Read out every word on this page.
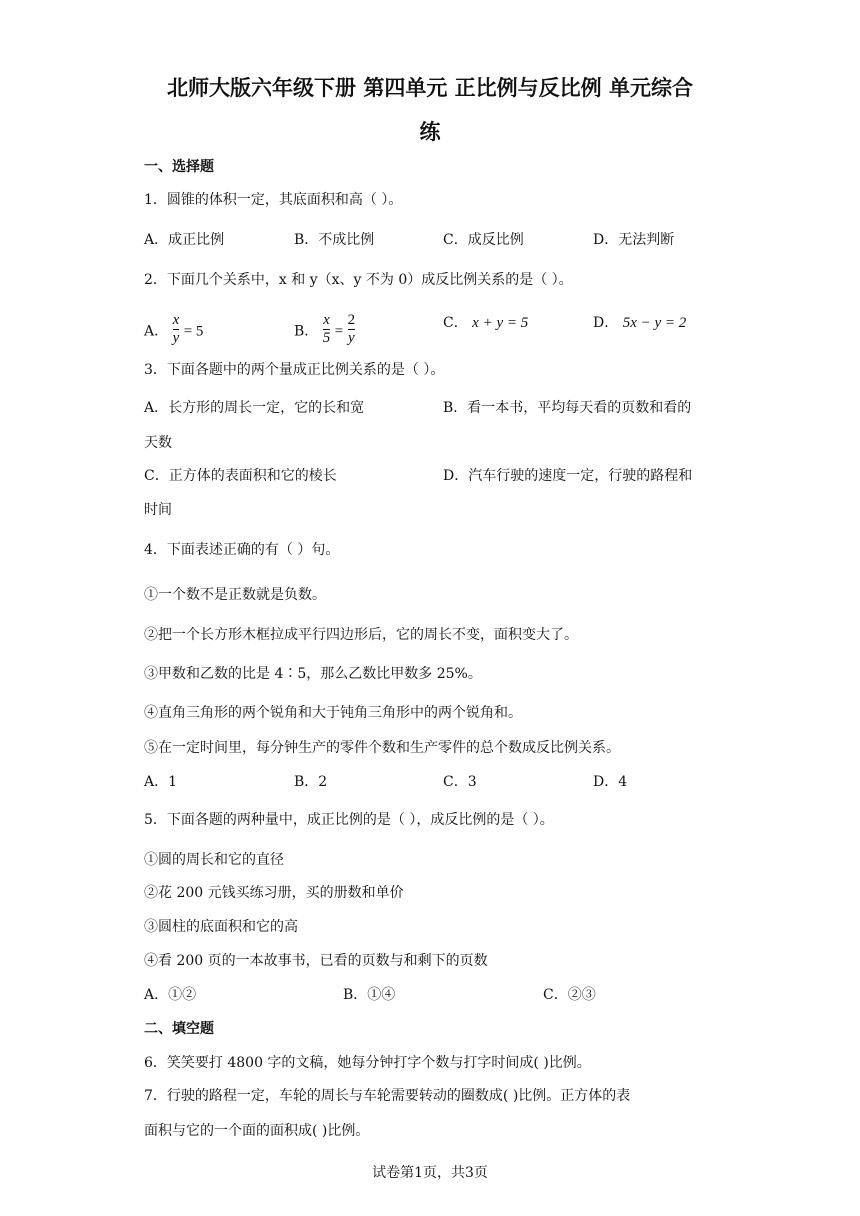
北师大版六年级下册 第四单元 正比例与反比例 单元综合
练
一、选择题
1．圆锥的体积一定，其底面积和高（ ）。
A．成正比例	B．不成比例	C．成反比例	D．无法判断
2．下面几个关系中，x 和 y（x、y 不为 0）成反比例关系的是（ ）。
A． $\frac{x}{y} = 5$	B． $\frac{x}{5} = \frac{2}{y}$	C． x + y = 5	D． 5x − y = 2
3．下面各题中的两个量成正比例关系的是（ ）。
A．长方形的周长一定，它的长和宽	B．看一本书，平均每天看的页数和看的
天数
C．正方体的表面积和它的棱长	D．汽车行驶的速度一定，行驶的路程和
时间
4．下面表述正确的有（ ）句。
①一个数不是正数就是负数。
②把一个长方形木框拉成平行四边形后，它的周长不变，面积变大了。
③甲数和乙数的比是 4∶5，那么乙数比甲数多 25%。
④直角三角形的两个锐角和大于钝角三角形中的两个锐角和。
⑤在一定时间里，每分钟生产的零件个数和生产零件的总个数成反比例关系。
A．1	B．2	C．3	D．4
5．下面各题的两种量中，成正比例的是（ ），成反比例的是（ ）。
①圆的周长和它的直径
②花 200 元钱买练习册，买的册数和单价
③圆柱的底面积和它的高
④看 200 页的一本故事书，已看的页数与和剩下的页数
A．①②	B．①④	C．②③
二、填空题
6．笑笑要打 4800 字的文稿，她每分钟打字个数与打字时间成( )比例。
7．行驶的路程一定，车轮的周长与车轮需要转动的圈数成( )比例。正方体的表
面积与它的一个面的面积成( )比例。
试卷第1页，共3页
